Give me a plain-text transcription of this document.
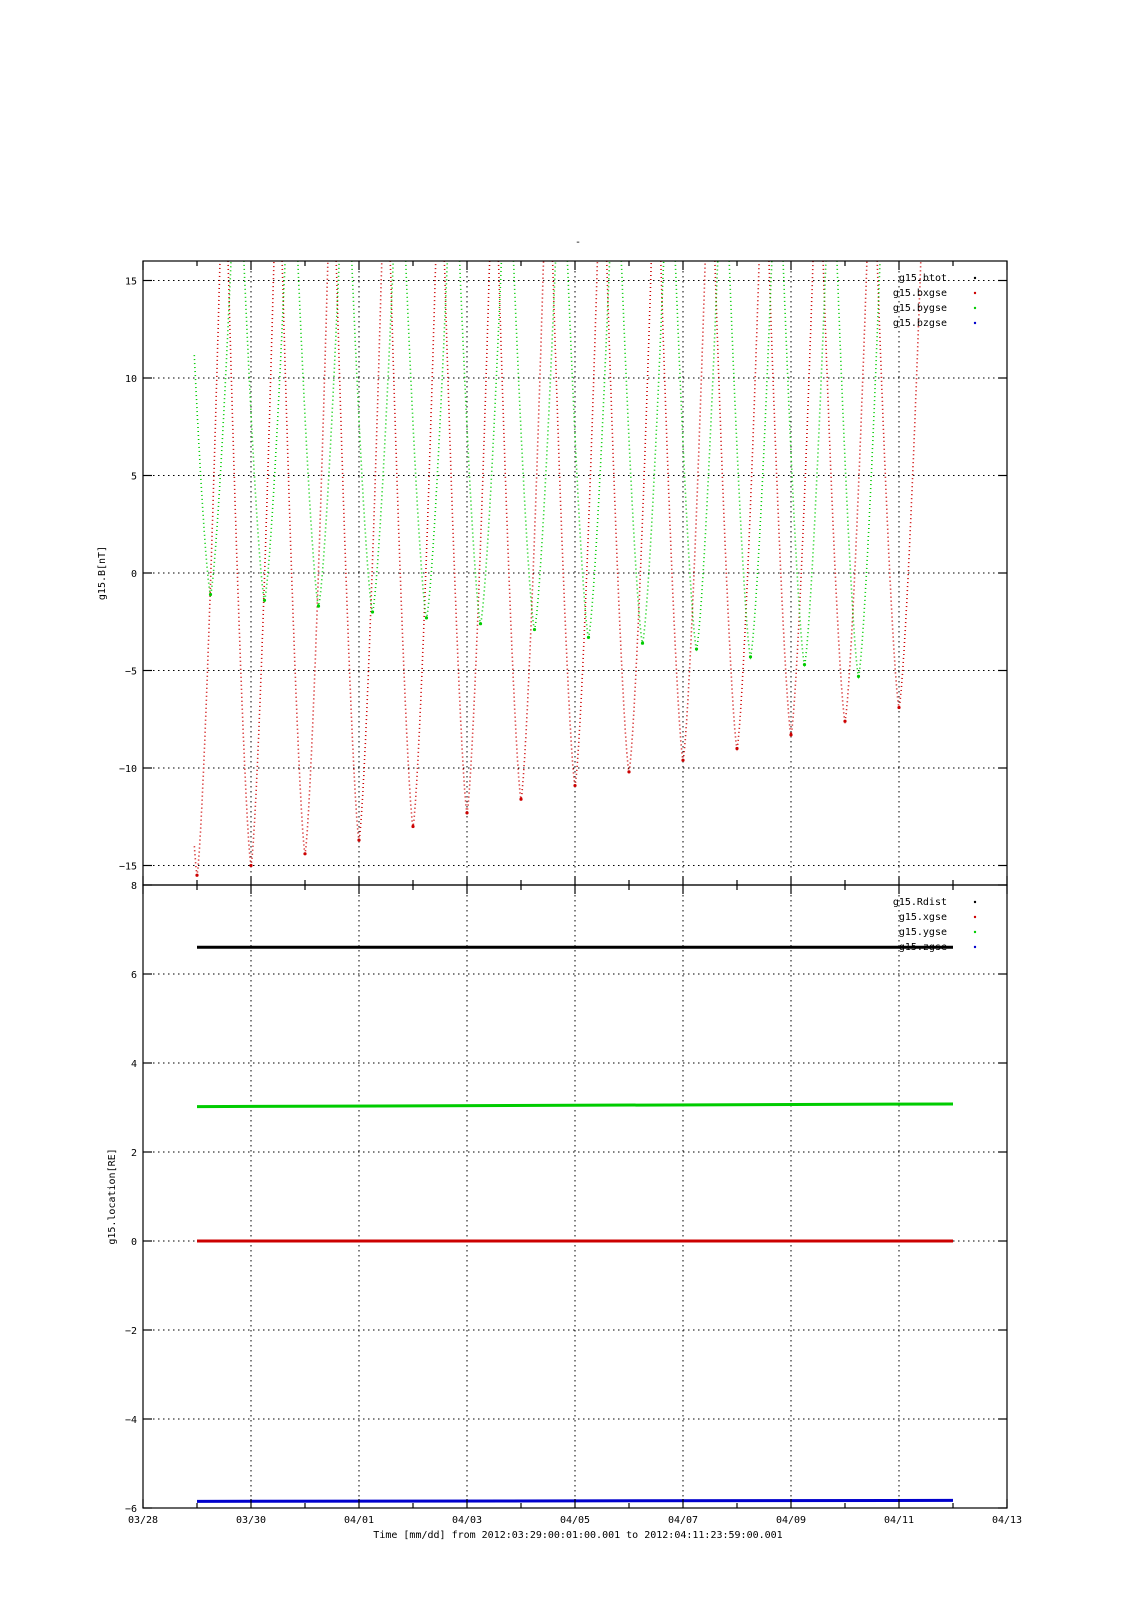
-
15
10
5
0
−5
−10
−15
g15.B[nT]
g15.btot
g15.bxgse
g15.bygse
g15.bzgse
8
6
4
2
0
−2
−4
−6
g15.location[RE]
g15.Rdist
g15.xgse
g15.ygse
g15.zgse
03/28	03/30	04/01	04/03	04/05	04/07	04/09	04/11	04/13
Time [mm/dd] from 2012:03:29:00:01:00.001 to 2012:04:11:23:59:00.001
